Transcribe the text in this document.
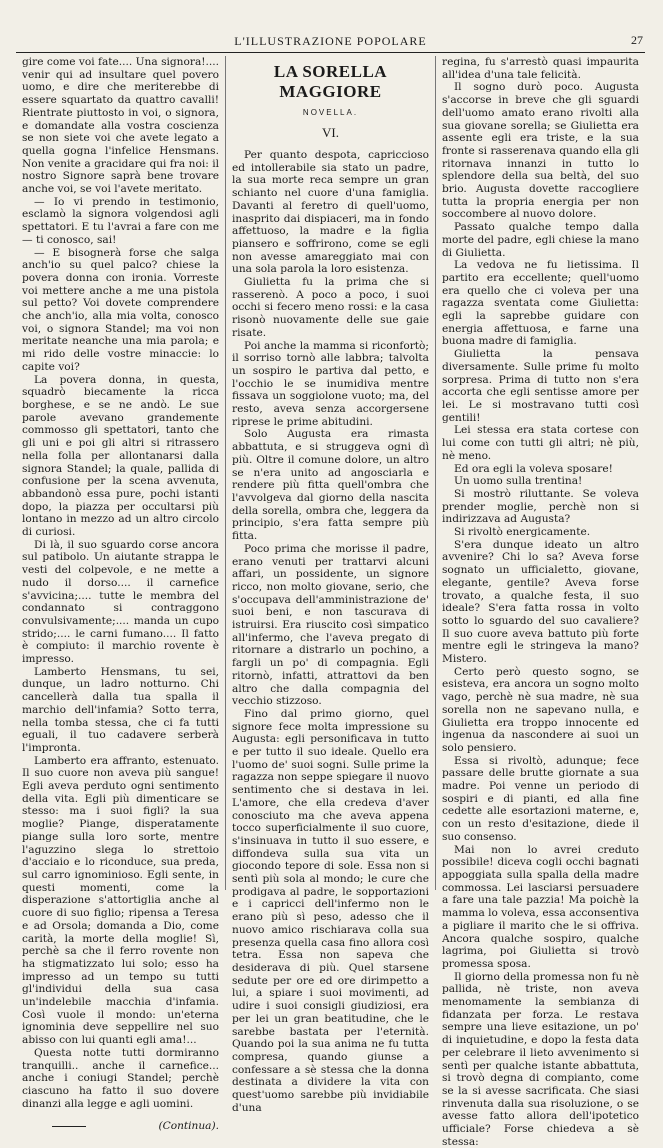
L'ILLUSTRAZIONE POPOLARE	27

gire come voi fate.... Una signora!.... venir qui ad insultare quel povero uomo, e dire che meriterebbe di essere squartato da quattro cavalli! Rientrate piuttosto in voi, o signora, e domandate alla vostra coscienza se non siete voi che avete legato a quella gogna l'infelice Hensmans. Non venite a gracidare qui fra noi: il nostro Signore saprà bene trovare anche voi, se voi l'avete meritato.

— Io vi prendo in testimonio, esclamò la signora volgendosi agli spettatori. E tu l'avrai a fare con me — ti conosco, sai!

— E bisognerà forse che salga anch'io su quel palco? chiese la povera donna con ironia. Vorreste voi mettere anche a me una pistola sul petto? Voi dovete comprendere che anch'io, alla mia volta, conosco voi, o signora Standel; ma voi non meritate neanche una mia parola; e mi rido delle vostre minaccie: lo capite voi?

La povera donna, in questa, squadrò biecamente la ricca borghese, e se ne andò. Le sue parole avevano grandemente commosso gli spettatori, tanto che gli uni e poi gli altri si ritrassero nella folla per allontanarsi dalla signora Standel; la quale, pallida di confusione per la scena avvenuta, abbandonò essa pure, pochi istanti dopo, la piazza per occultarsi più lontano in mezzo ad un altro circolo di curiosi.

Di là, il suo sguardo corse ancora sul patibolo. Un aiutante strappa le vesti del colpevole, e ne mette a nudo il dorso.... il carnefice s'avvicina;.... tutte le membra del condannato si contraggono convulsivamente;.... manda un cupo strido;.... le carni fumano.... Il fatto è compiuto: il marchio rovente è impresso.

Lamberto Hensmans, tu sei, dunque, un ladro notturno. Chi cancellerà dalla tua spalla il marchio dell'infamia? Sotto terra, nella tomba stessa, che ci fa tutti eguali, il tuo cadavere serberà l'impronta.

Lamberto era affranto, estenuato. Il suo cuore non aveva più sangue! Egli aveva perduto ogni sentimento della vita. Egli più dimenticare se stesso: ma i suoi figli? la sua moglie? Piange, disperatamente piange sulla loro sorte, mentre l'aguzzino slega lo strettoio d'acciaio e lo riconduce, sua preda, sul carro ignominioso. Egli sente, in questi momenti, come la disperazione s'attortiglia anche al cuore di suo figlio; ripensa a Teresa e ad Orsola; domanda a Dio, come carità, la morte della moglie! Sì, perchè sa che il ferro rovente non ha stigmatizzato lui solo; esso ha impresso ad un tempo su tutti gl'individui della sua casa un'indelebile macchia d'infamia. Così vuole il mondo: un'eterna ignominia deve seppellire nel suo abisso con lui quanti egli ama!...

Questa notte tutti dormiranno tranquilli.. anche il carnefice... anche i coniugi Standel; perchè ciascuno ha fatto il suo dovere dinanzi alla legge e agli uomini.

(Continua).
LA SORELLA MAGGIORE
NOVELLA.
VI.

Per quanto despota, capriccioso ed intollerabile sia stato un padre, la sua morte reca sempre un gran schianto nel cuore d'una famiglia. Davanti al feretro di quell'uomo, inasprito dai dispiaceri, ma in fondo affettuoso, la madre e la figlia piansero e soffrirono, come se egli non avesse amareggiato mai con una sola parola la loro esistenza.

Giulietta fu la prima che si rasserenò. A poco a poco, i suoi occhi si fecero meno rossi: e la casa risonò nuovamente delle sue gaie risate.

Poi anche la mamma si riconfortò; il sorriso tornò alle labbra; talvolta un sospiro le partiva dal petto, e l'occhio le se inumidiva mentre fissava un soggiolone vuoto; ma, del resto, aveva senza accorgersene riprese le prime abitudini.

Solo Augusta era rimasta abbattuta, e si struggeva ogni dì più. Oltre il comune dolore, un altro se n'era unito ad angosciarla e rendere più fitta quell'ombra che l'avvolgeva dal giorno della nascita della sorella, ombra che, leggera da principio, s'era fatta sempre più fitta.

Poco prima che morisse il padre, erano venuti per trattarvi alcuni affari, un possidente, un signore ricco, non molto giovane, serio, che s'occupava dell'amministrazione de' suoi beni, e non tascurava di istruirsi. Era riuscito così simpatico all'infermo, che l'aveva pregato di ritornare a distrarlo un pochino, a fargli un po' di compagnia. Egli ritornò, infatti, attrattovi da ben altro che dalla compagnia del vecchio stizzoso.

Fino dal primo giorno, quel signore fece molta impressione su Augusta: egli personificava in tutto e per tutto il suo ideale. Quello era l'uomo de' suoi sogni. Sulle prime la ragazza non seppe spiegare il nuovo sentimento che si destava in lei. L'amore, che ella credeva d'aver conosciuto ma che aveva appena tocco superficialmente il suo cuore, s'insinuava in tutto il suo essere, e diffondeva sulla sua vita un giocondo tepore di sole. Essa non si sentì più sola al mondo; le cure che prodigava al padre, le sopportazioni e i capricci dell'infermo non le erano più sì peso, adesso che il nuovo amico rischiarava colla sua presenza quella casa fino allora così tetra. Essa non sapeva che desiderava di più. Quel starsene sedute per ore ed ore dirimpetto a lui, a spiare i suoi movimenti, ad udire i suoi consigli giudiziosi, era per lei un gran beatitudine, che le sarebbe bastata per l'eternità. Quando poi la sua anima ne fu tutta compresa, quando giunse a confessare a sè stessa che la donna destinata a dividere la vita con quest'uomo sarebbe più invidiabile d'una

regina, fu s'arrestò quasi impaurita all'idea d'una tale felicità.

Il sogno durò poco. Augusta s'accorse in breve che gli sguardi dell'uomo amato erano rivolti alla sua giovane sorella; se Giulietta era assente egli era triste, e la sua fronte si rasserenava quando ella gli ritornava innanzi in tutto lo splendore della sua beltà, del suo brio. Augusta dovette raccogliere tutta la propria energia per non soccombere al nuovo dolore.

Passato qualche tempo dalla morte del padre, egli chiese la mano di Giulietta.

La vedova ne fu lietissima. Il partito era eccellente; quell'uomo era quello che ci voleva per una ragazza sventata come Giulietta: egli la saprebbe guidare con energia affettuosa, e farne una buona madre di famiglia.

Giulietta la pensava diversamente. Sulle prime fu molto sorpresa. Prima di tutto non s'era accorta che egli sentisse amore per lei. Le si mostravano tutti così gentili!

Lei stessa era stata cortese con lui come con tutti gli altri; nè più, nè meno.

Ed ora egli la voleva sposare!

Un uomo sulla trentina!

Si mostrò riluttante. Se voleva prender moglie, perchè non si indirizzava ad Augusta?

Si rivoltò energicamente.

S'era dunque ideato un altro avvenire? Chi lo sa? Aveva forse sognato un ufficialetto, giovane, elegante, gentile? Aveva forse trovato, a qualche festa, il suo ideale? S'era fatta rossa in volto sotto lo sguardo del suo cavaliere? Il suo cuore aveva battuto più forte mentre egli le stringeva la mano? Mistero.

Certo però questo sogno, se esisteva, era ancora un sogno molto vago, perchè nè sua madre, nè sua sorella non ne sapevano nulla, e Giulietta era troppo innocente ed ingenua da nascondere ai suoi un solo pensiero.

Essa si rivoltò, adunque; fece passare delle brutte giornate a sua madre. Poi venne un periodo di sospiri e di pianti, ed alla fine cedette alle esortazioni materne, e, con un resto d'esitazione, diede il suo consenso.

Mai non lo avrei creduto possibile! diceva cogli occhi bagnati appoggiata sulla spalla della madre commossa. Lei lasciarsi persuadere a fare una tale pazzia! Ma poichè la mamma lo voleva, essa acconsentiva a pigliare il marito che le si offriva. Ancora qualche sospiro, qualche lagrima, poi Giulietta si trovò promessa sposa.

Il giorno della promessa non fu nè pallida, nè triste, non aveva menomamente la sembianza di fidanzata per forza. Le restava sempre una lieve esitazione, un po' di inquietudine, e dopo la festa data per celebrare il lieto avvenimento si sentì per qualche istante abbattuta, si trovò degna di compianto, come se la si avesse sacrificata. Che siasi rinvenuta dalla sua risoluzione, o se avesse fatto allora dell'ipotetico ufficiale? Forse chiedeva a sè stessa:
